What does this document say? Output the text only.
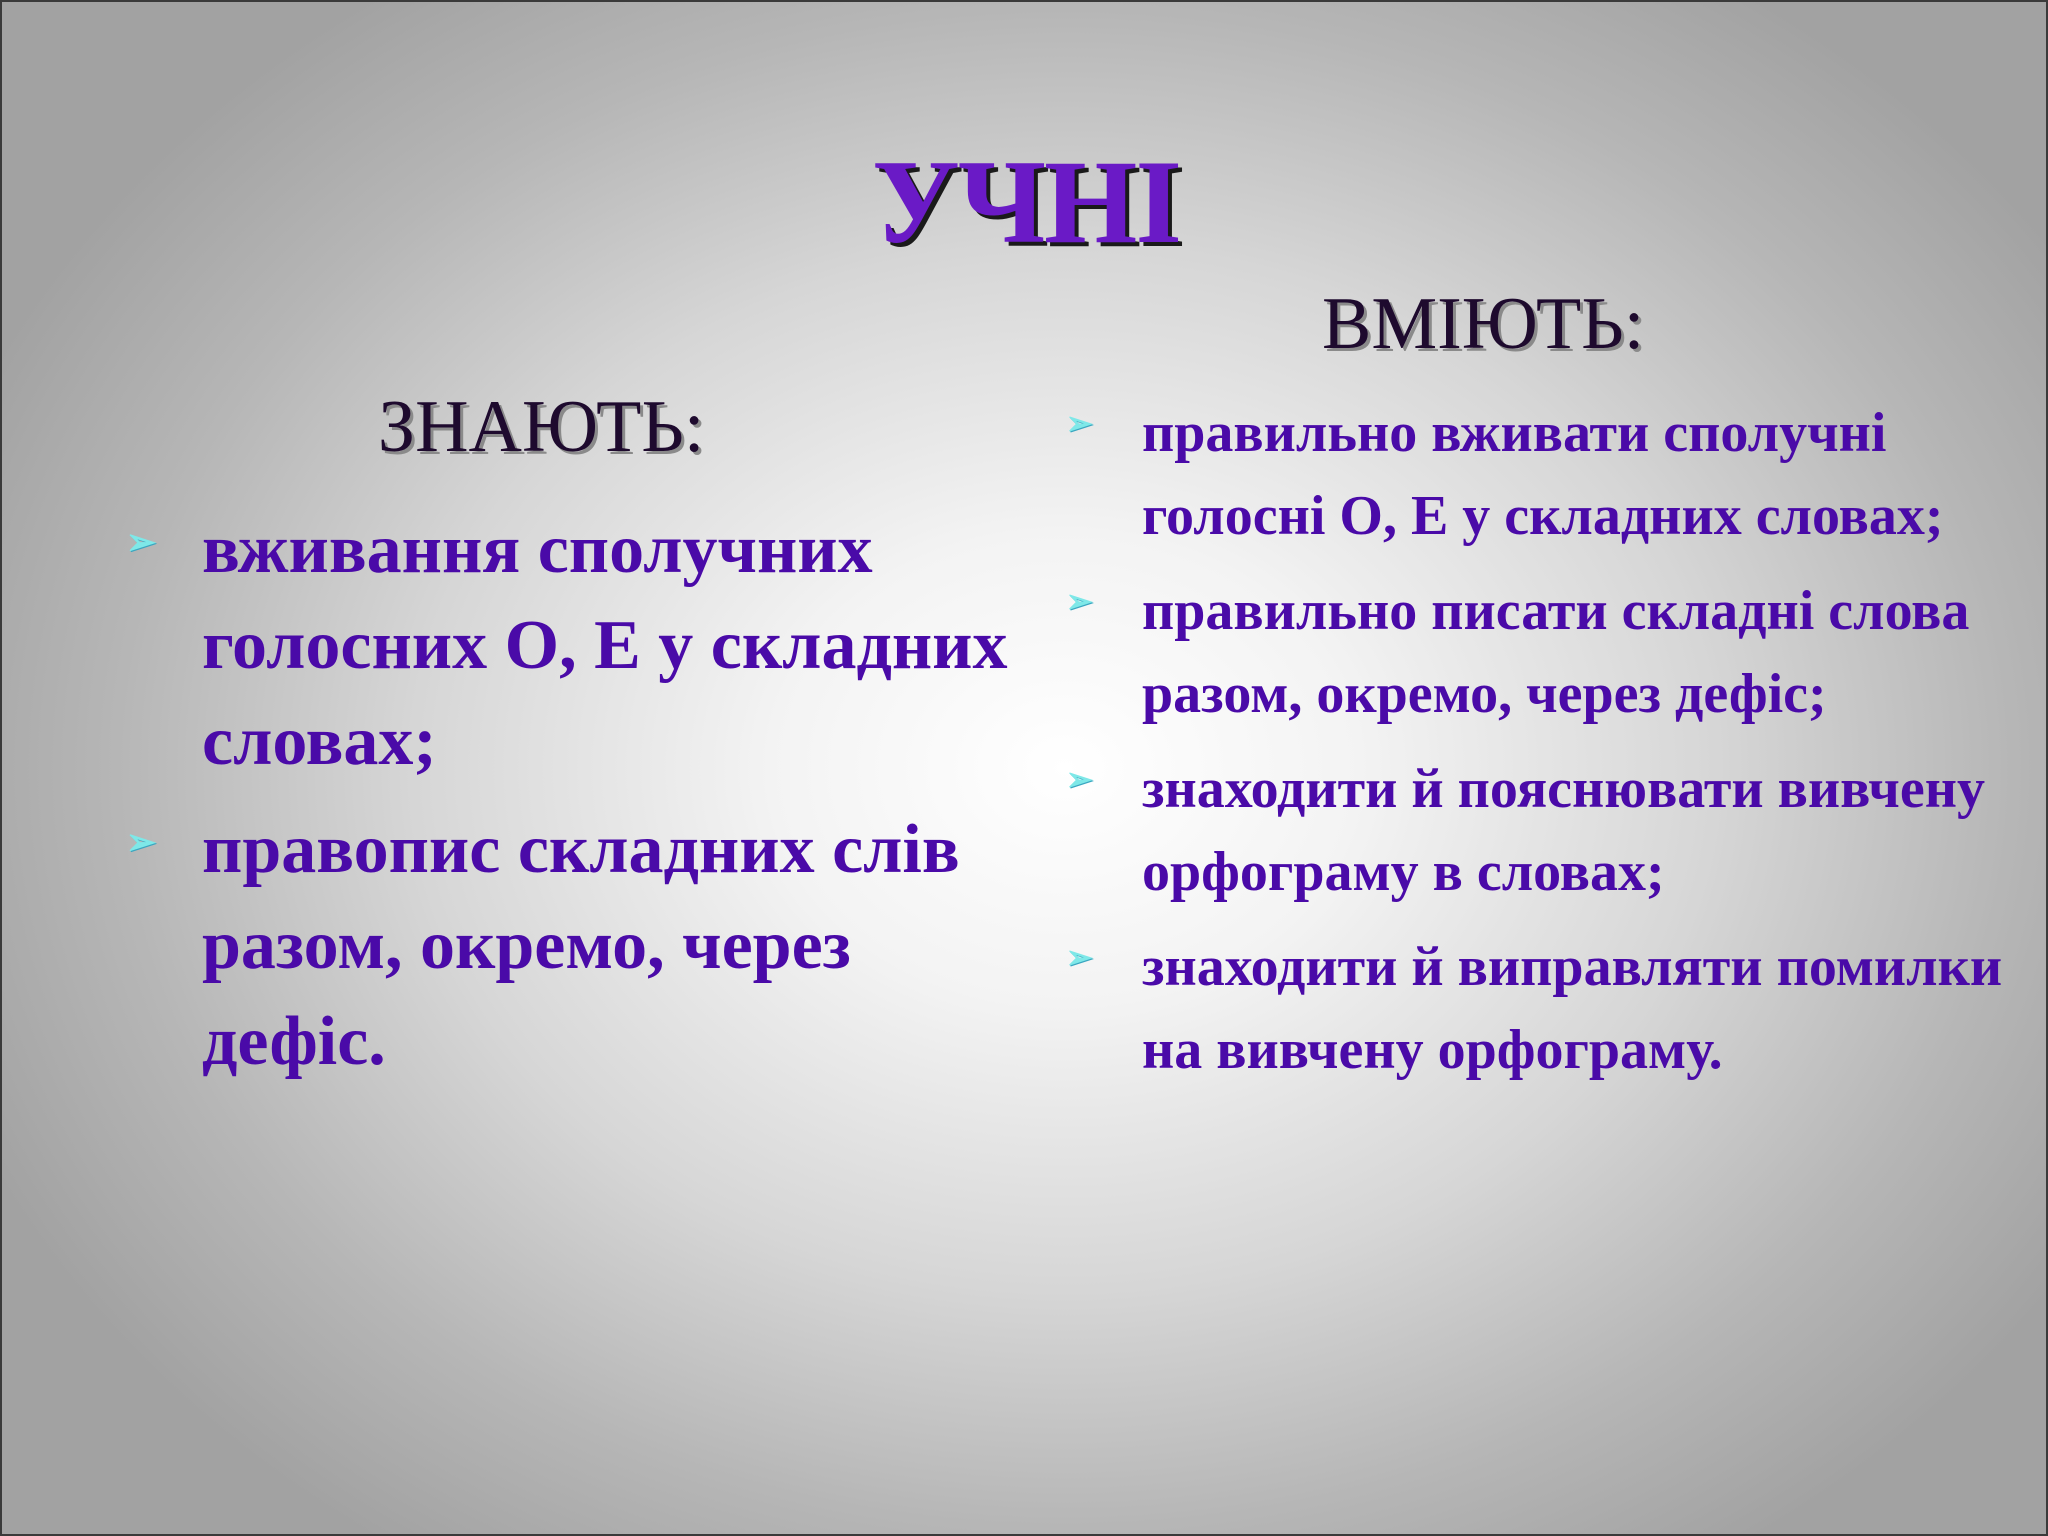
УЧНІ
ЗНАЮТЬ:
➢ вживання сполучних голосних О, Е у складних словах;
➢ правопис складних слів разом, окремо, через дефіс.
ВМІЮТЬ:
➢ правильно вживати сполучні голосні О, Е у складних словах;
➢ правильно писати складні слова разом, окремо, через дефіс;
➢ знаходити й пояснювати вивчену орфограму в словах;
➢ знаходити й виправляти помилки на вивчену орфограму.
